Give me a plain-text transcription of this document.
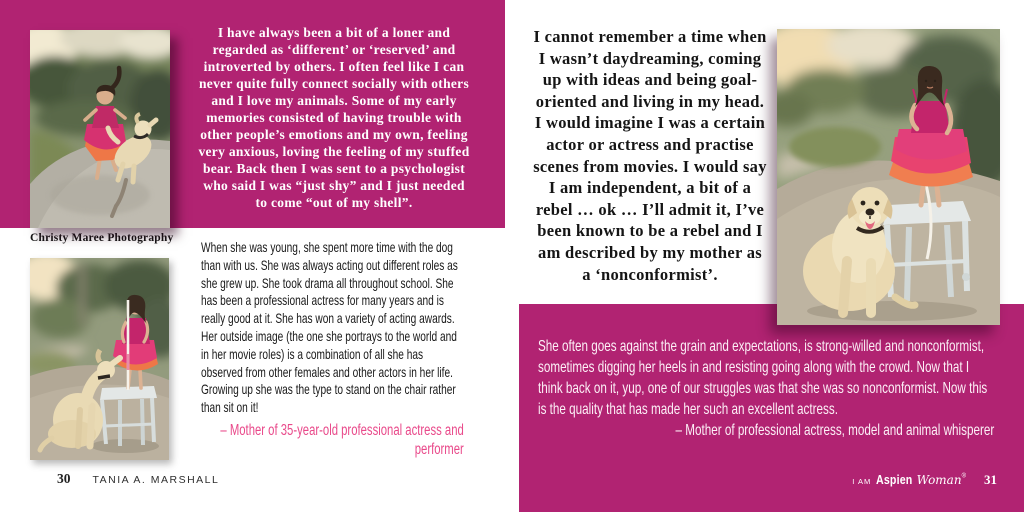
I have always been a bit of a loner and regarded as ‘different’ or ‘reserved’ and introverted by others. I often feel like I can never quite fully connect socially with others and I love my animals. Some of my early memories consisted of having trouble with other people’s emotions and my own, feeling very anxious, loving the feeling of my stuffed bear. Back then I was sent to a psychologist who said I was “just shy” and I just needed to come “out of my shell”.
Christy Maree Photography
When she was young, she spent more time with the dog than with us. She was always acting out different roles as she grew up. She took drama all throughout school. She has been a professional actress for many years and is really good at it. She has won a variety of acting awards. Her outside image (the one she portrays to the world and in her movie roles) is a combination of all she has observed from other females and other actors in her life. Growing up she was the type to stand on the chair rather than sit on it!
– Mother of 35-year-old professional actress and performer
30 TANIA A. MARSHALL
I cannot remember a time when I wasn’t daydreaming, coming up with ideas and being goal-oriented and living in my head. I would imagine I was a certain actor or actress and practise scenes from movies. I would say I am independent, a bit of a rebel … ok … I’ll admit it, I’ve been known to be a rebel and I am described by my mother as a ‘nonconformist’.
She often goes against the grain and expectations, is strong-willed and nonconformist, sometimes digging her heels in and resisting going along with the crowd. Now that I think back on it, yup, one of our struggles was that she was so nonconformist. Now this is the quality that has made her such an excellent actress.
– Mother of professional actress, model and animal whisperer
I AM Aspien Woman® 31
